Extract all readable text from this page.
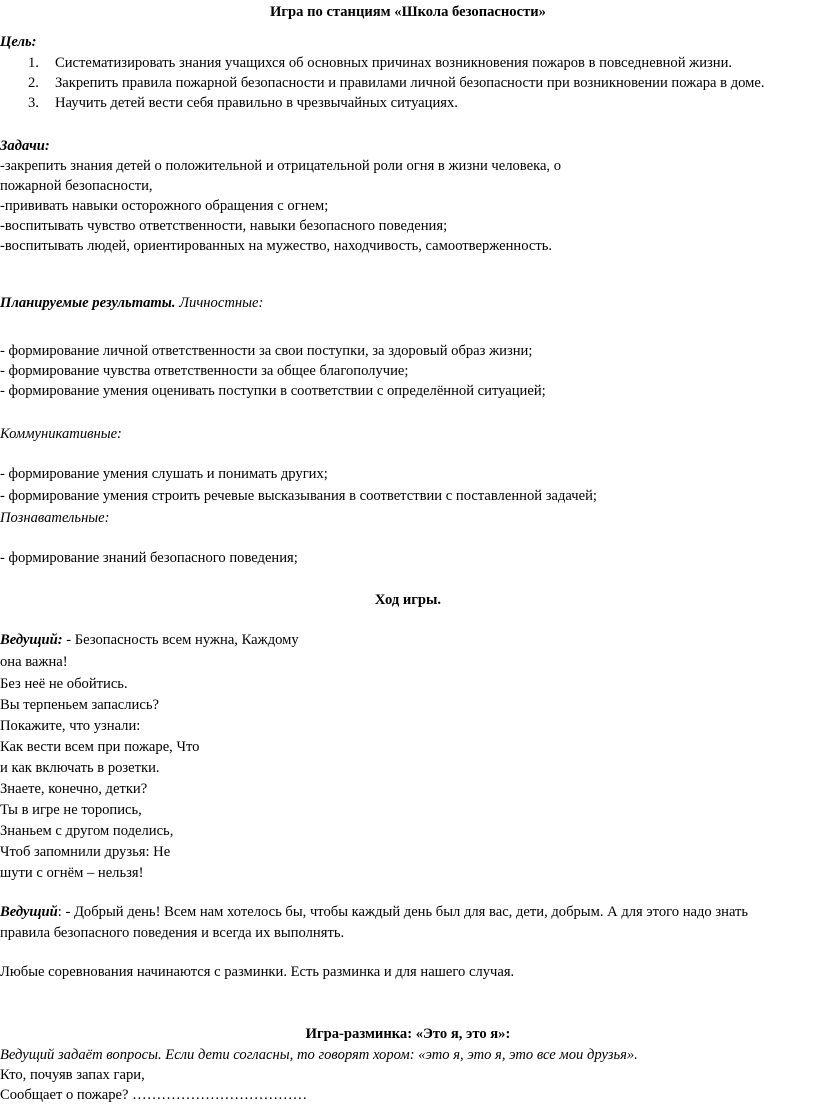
Игра по станциям «Школа безопасности»
Цель:
1. Систематизировать знания учащихся об основных причинах возникновения пожаров в повседневной жизни.
2. Закрепить правила пожарной безопасности и правилами личной безопасности при возникновении пожара в доме.
3. Научить детей вести себя правильно в чрезвычайных ситуациях.
Задачи:
-закрепить знания детей о положительной и отрицательной роли огня в жизни человека, о
пожарной безопасности,
-прививать навыки осторожного обращения с огнем;
-воспитывать чувство ответственности, навыки безопасного поведения;
-воспитывать людей, ориентированных на мужество, находчивость, самоотверженность.
Планируемые результаты. Личностные:
- формирование личной ответственности за свои поступки, за здоровый образ жизни;
- формирование чувства ответственности за общее благополучие;
- формирование умения оценивать поступки в соответствии с определённой ситуацией;
Коммуникативные:
- формирование умения слушать и понимать других;
- формирование умения строить речевые высказывания в соответствии с поставленной задачей;
Познавательные:
- формирование знаний безопасного поведения;
Ход игры.
Ведущий: - Безопасность всем нужна, Каждому
она важна!
Без неё не обойтись.
Вы терпеньем запаслись?
Покажите, что узнали:
Как вести всем при пожаре, Что
и как включать в розетки.
Знаете, конечно, детки?
Ты в игре не торопись,
Знаньем с другом поделись,
Чтоб запомнили друзья: Не
шути с огнём – нельзя!
Ведущий: - Добрый день! Всем нам хотелось бы, чтобы каждый день был для вас, дети, добрым. А для этого надо знать
правила безопасного поведения и всегда их выполнять.
Любые соревнования начинаются с разминки. Есть разминка и для нашего случая.
Игра-разминка: «Это я, это я»:
Ведущий задаёт вопросы. Если дети согласны, то говорят хором: «это я, это я, это все мои друзья».
Кто, почуяв запах гари,
Сообщает о пожаре? ………………………………
